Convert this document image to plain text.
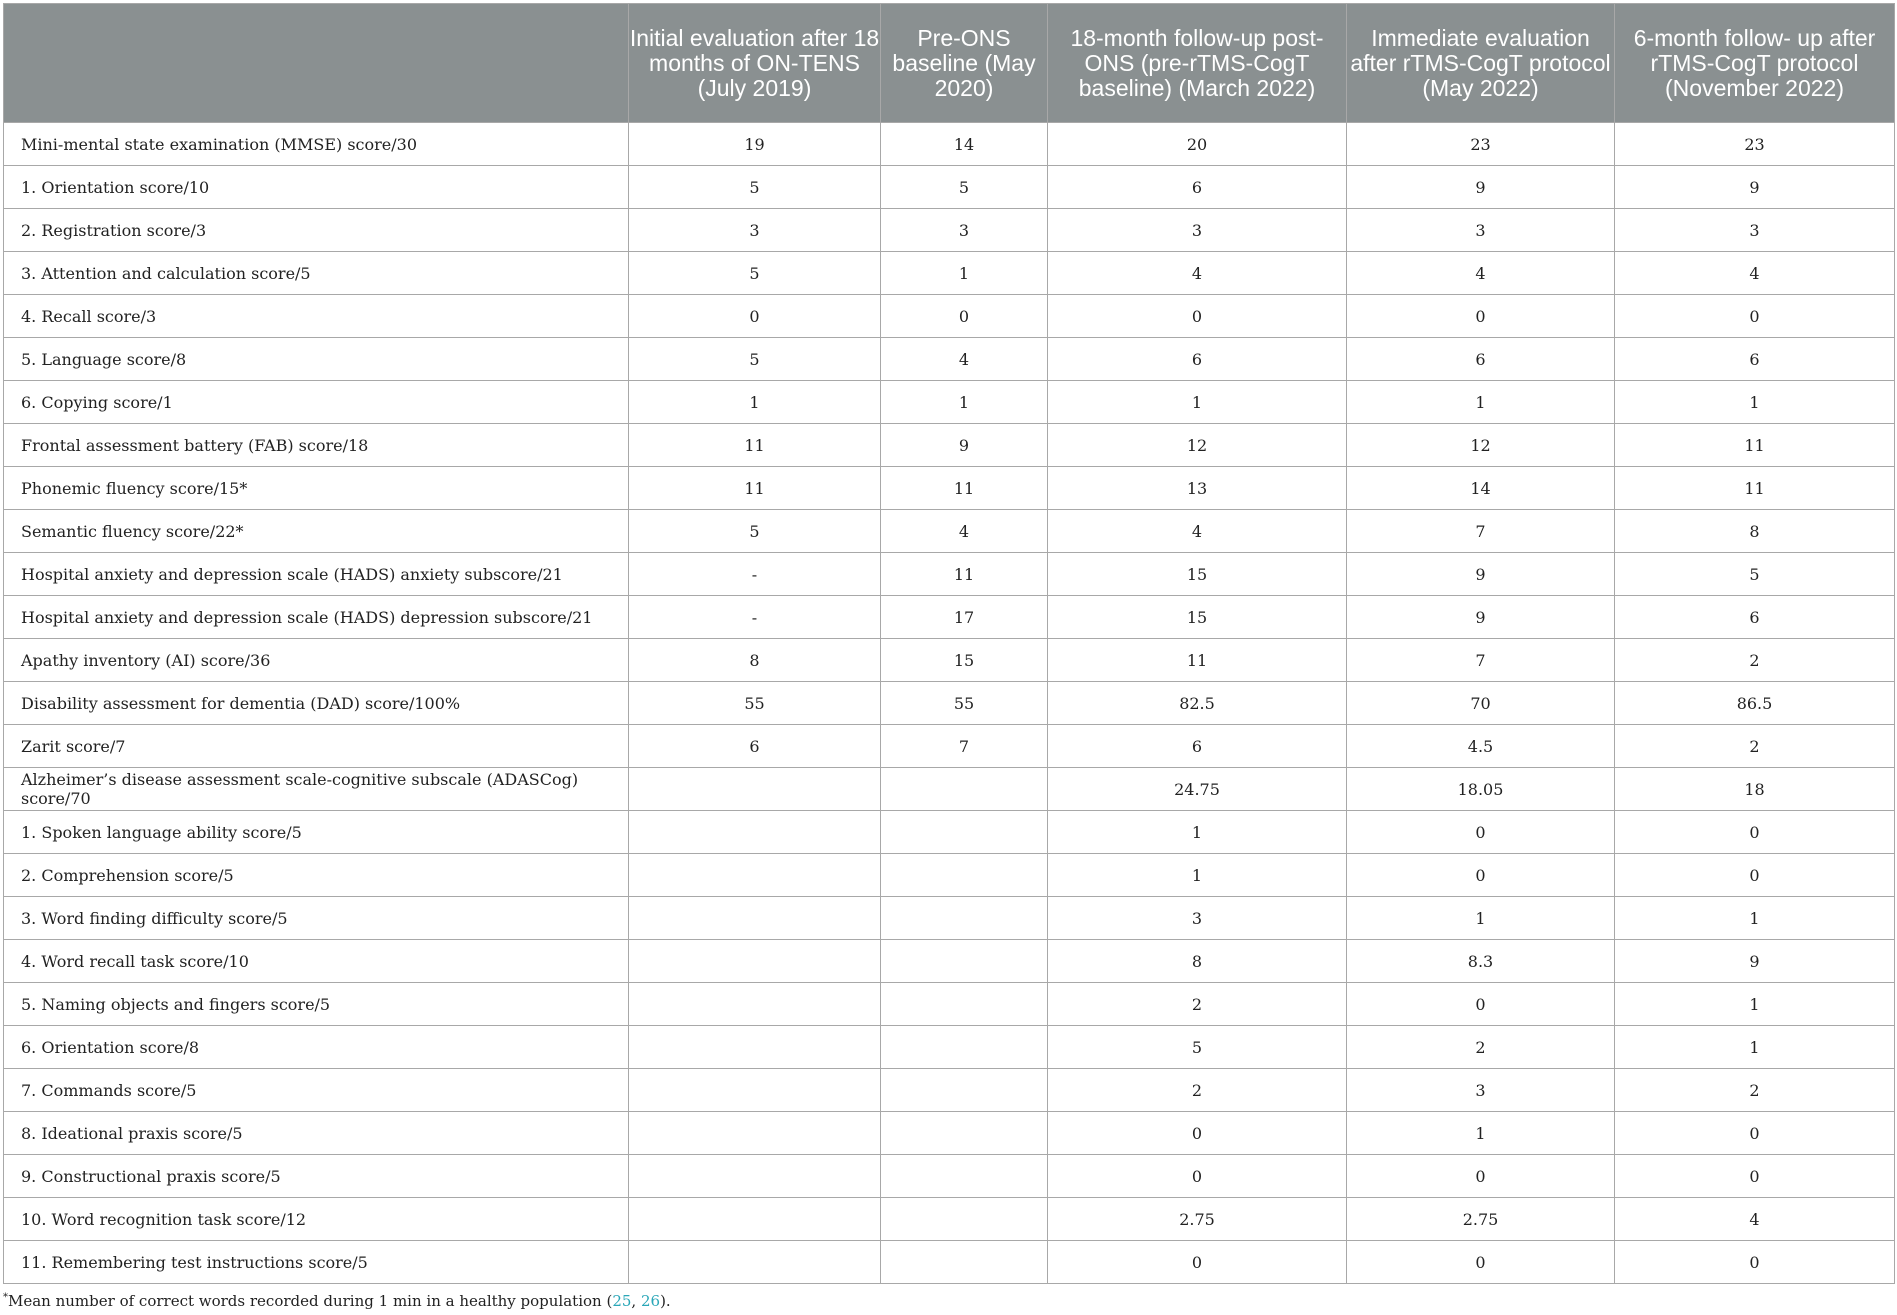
	Initial evaluation after 18 months of ON-TENS (July 2019)	Pre-ONS baseline (May 2020)	18-month follow-up post-ONS (pre-rTMS-CogT baseline) (March 2022)	Immediate evaluation after rTMS-CogT protocol (May 2022)	6-month follow- up after rTMS-CogT protocol (November 2022)
Mini-mental state examination (MMSE) score/30	19	14	20	23	23
1. Orientation score/10	5	5	6	9	9
2. Registration score/3	3	3	3	3	3
3. Attention and calculation score/5	5	1	4	4	4
4. Recall score/3	0	0	0	0	0
5. Language score/8	5	4	6	6	6
6. Copying score/1	1	1	1	1	1
Frontal assessment battery (FAB) score/18	11	9	12	12	11
Phonemic fluency score/15*	11	11	13	14	11
Semantic fluency score/22*	5	4	4	7	8
Hospital anxiety and depression scale (HADS) anxiety subscore/21	-	11	15	9	5
Hospital anxiety and depression scale (HADS) depression subscore/21	-	17	15	9	6
Apathy inventory (AI) score/36	8	15	11	7	2
Disability assessment for dementia (DAD) score/100%	55	55	82.5	70	86.5
Zarit score/7	6	7	6	4.5	2
Alzheimer’s disease assessment scale-cognitive subscale (ADASCog) score/70			24.75	18.05	18
1. Spoken language ability score/5			1	0	0
2. Comprehension score/5			1	0	0
3. Word finding difficulty score/5			3	1	1
4. Word recall task score/10			8	8.3	9
5. Naming objects and fingers score/5			2	0	1
6. Orientation score/8			5	2	1
7. Commands score/5			2	3	2
8. Ideational praxis score/5			0	1	0
9. Constructional praxis score/5			0	0	0
10. Word recognition task score/12			2.75	2.75	4
11. Remembering test instructions score/5			0	0	0
*Mean number of correct words recorded during 1 min in a healthy population (25, 26).
